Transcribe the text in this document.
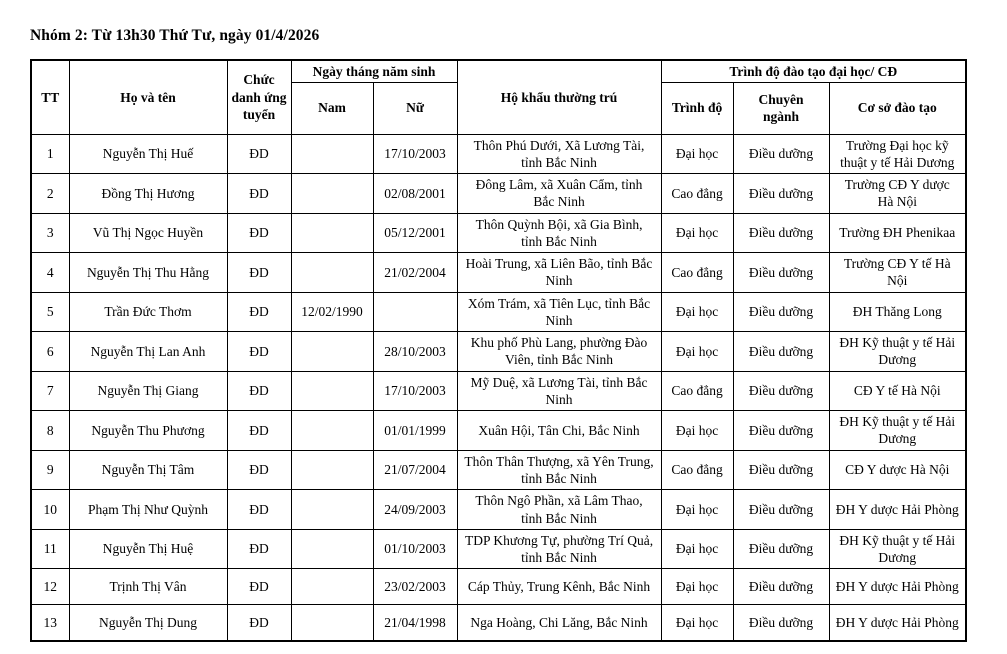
Nhóm 2: Từ 13h30 Thứ Tư, ngày 01/4/2026
TT	Họ và tên	Chức danh ứng tuyển	Ngày tháng năm sinh		Hộ khẩu thường trú	Trình độ đào tạo đại học/ CĐ		
			Nam	Nữ		Trình độ	Chuyên ngành	Cơ sở đào tạo
1	Nguyễn Thị Huế	ĐD		17/10/2003	Thôn Phú Dưới, Xã Lương Tài, tỉnh Bắc Ninh	Đại học	Điều dưỡng	Trường Đại học kỹ thuật y tế Hải Dương
2	Đồng Thị Hương	ĐD		02/08/2001	Đông Lâm, xã Xuân Cẩm, tỉnh Bắc Ninh	Cao đẳng	Điều dưỡng	Trường CĐ Y dược Hà Nội
3	Vũ Thị Ngọc Huyền	ĐD		05/12/2001	Thôn Quỳnh Bội, xã Gia Bình, tỉnh Bắc Ninh	Đại học	Điều dưỡng	Trường ĐH Phenikaa
4	Nguyễn Thị Thu Hằng	ĐD		21/02/2004	Hoài Trung, xã Liên Bão, tỉnh Bắc Ninh	Cao đẳng	Điều dưỡng	Trường CĐ Y tế Hà Nội
5	Trần Đức Thơm	ĐD	12/02/1990		Xóm Trám, xã Tiên Lục, tỉnh Bắc Ninh	Đại học	Điều dưỡng	ĐH Thăng Long
6	Nguyễn Thị Lan Anh	ĐD		28/10/2003	Khu phố Phù Lang, phường Đào Viên, tỉnh Bắc Ninh	Đại học	Điều dưỡng	ĐH Kỹ thuật y tế Hải Dương
7	Nguyễn Thị Giang	ĐD		17/10/2003	Mỹ Duệ, xã Lương Tài, tỉnh Bắc Ninh	Cao đẳng	Điều dưỡng	CĐ Y tế Hà Nội
8	Nguyễn Thu Phương	ĐD		01/01/1999	Xuân Hội, Tân Chi, Bắc Ninh	Đại học	Điều dưỡng	ĐH Kỹ thuật y tế Hải Dương
9	Nguyễn Thị Tâm	ĐD		21/07/2004	Thôn Thân Thượng, xã Yên Trung, tỉnh Bắc Ninh	Cao đẳng	Điều dưỡng	CĐ Y dược Hà Nội
10	Phạm Thị Như Quỳnh	ĐD		24/09/2003	Thôn Ngô Phần, xã Lâm Thao, tỉnh Bắc Ninh	Đại học	Điều dưỡng	ĐH Y dược Hải Phòng
11	Nguyễn Thị Huệ	ĐD		01/10/2003	TDP Khương Tự, phường Trí Quả, tỉnh Bắc Ninh	Đại học	Điều dưỡng	ĐH Kỹ thuật y tế Hải Dương
12	Trịnh Thị Vân	ĐD		23/02/2003	Cáp Thủy, Trung Kênh, Bắc Ninh	Đại học	Điều dưỡng	ĐH Y dược Hải Phòng
13	Nguyễn Thị Dung	ĐD		21/04/1998	Nga Hoàng, Chi Lăng, Bắc Ninh	Đại học	Điều dưỡng	ĐH Y dược Hải Phòng
